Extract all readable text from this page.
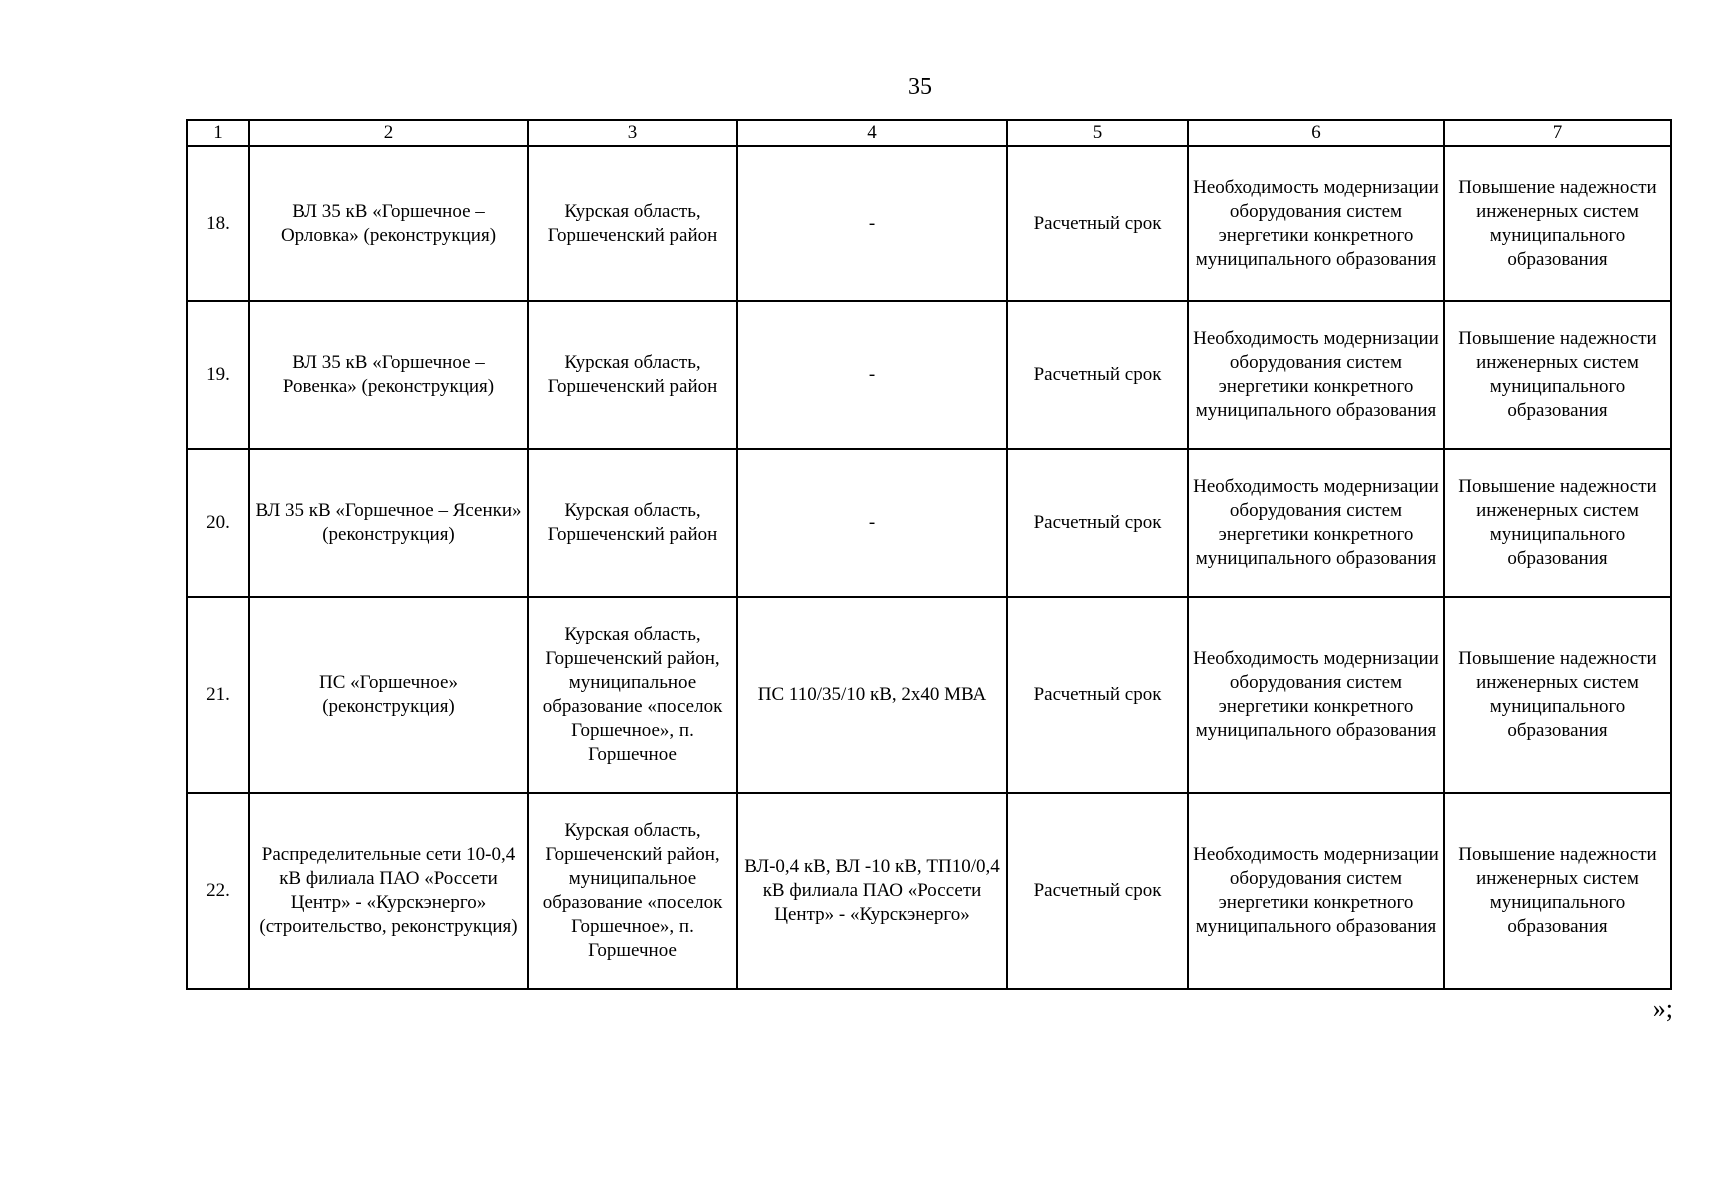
35
1	2	3	4	5	6	7
18.	ВЛ 35 кВ «Горшечное – Орловка» (реконструкция)	Курская область, Горшеченский район	-	Расчетный срок	Необходимость модернизации оборудования систем энергетики конкретного муниципального образования	Повышение надежности инженерных систем муниципального образования
19.	ВЛ 35 кВ «Горшечное – Ровенка» (реконструкция)	Курская область, Горшеченский район	-	Расчетный срок	Необходимость модернизации оборудования систем энергетики конкретного муниципального образования	Повышение надежности инженерных систем муниципального образования
20.	ВЛ 35 кВ «Горшечное – Ясенки» (реконструкция)	Курская область, Горшеченский район	-	Расчетный срок	Необходимость модернизации оборудования систем энергетики конкретного муниципального образования	Повышение надежности инженерных систем муниципального образования
21.	ПС «Горшечное» (реконструкция)	Курская область, Горшеченский район, муниципальное образование «поселок Горшечное», п. Горшечное	ПС 110/35/10 кВ, 2х40 МВА	Расчетный срок	Необходимость модернизации оборудования систем энергетики конкретного муниципального образования	Повышение надежности инженерных систем муниципального образования
22.	Распределительные сети 10-0,4 кВ филиала ПАО «Россети Центр» - «Курскэнерго» (строительство, реконструкция)	Курская область, Горшеченский район, муниципальное образование «поселок Горшечное», п. Горшечное	ВЛ-0,4 кВ, ВЛ -10 кВ, ТП10/0,4 кВ филиала ПАО «Россети Центр» - «Курскэнерго»	Расчетный срок	Необходимость модернизации оборудования систем энергетики конкретного муниципального образования	Повышение надежности инженерных систем муниципального образования
»;
